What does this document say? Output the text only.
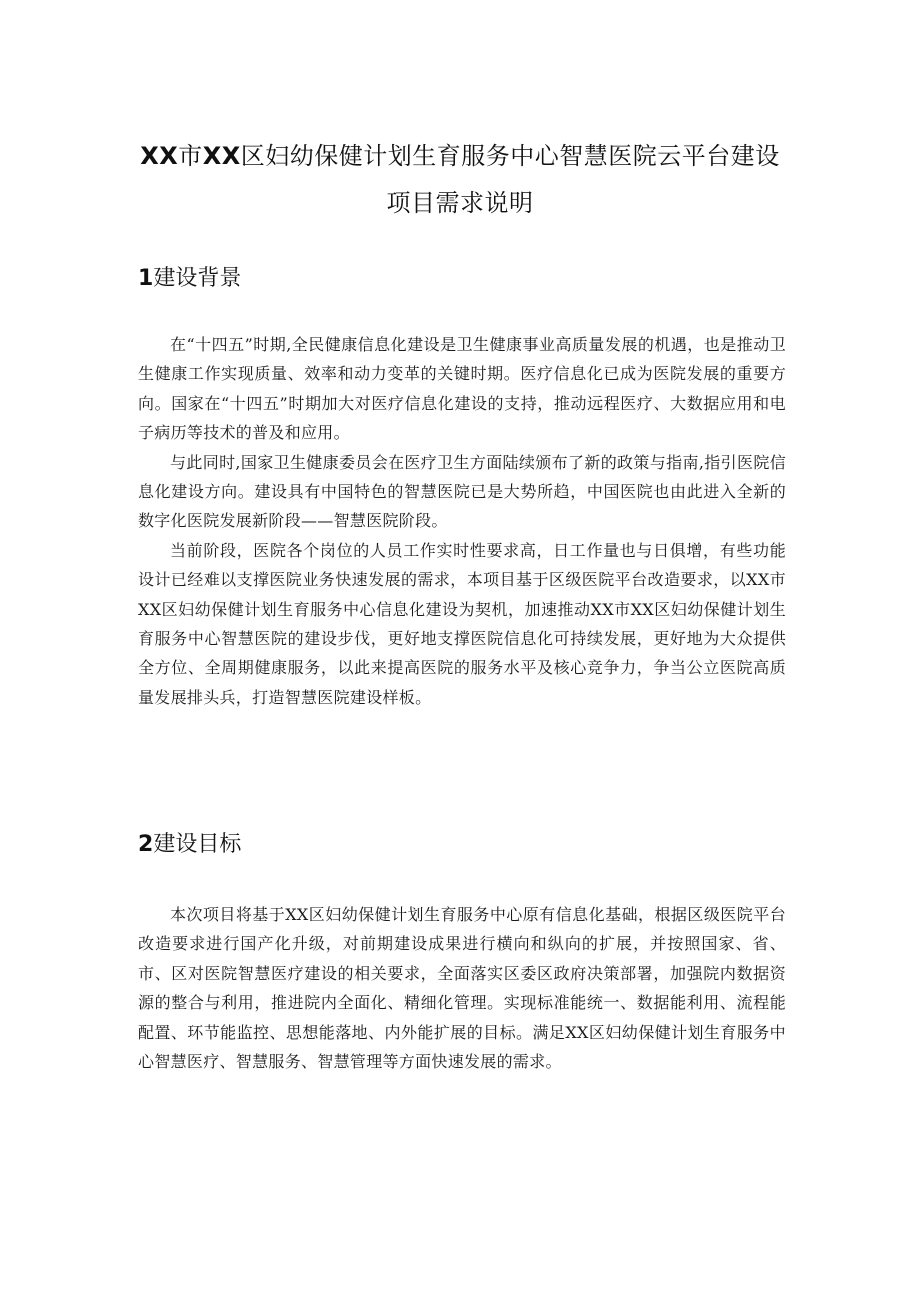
XX市XX区妇幼保健计划生育服务中心智慧医院云平台建设
项目需求说明
1建设背景

在“十四五”时期,全民健康信息化建设是卫生健康事业高质量发展的机遇，也是推动卫生健康工作实现质量、效率和动力变革的关键时期。医疗信息化已成为医院发展的重要方向。国家在“十四五”时期加大对医疗信息化建设的支持，推动远程医疗、大数据应用和电子病历等技术的普及和应用。

与此同时,国家卫生健康委员会在医疗卫生方面陆续颁布了新的政策与指南,指引医院信息化建设方向。建设具有中国特色的智慧医院已是大势所趋，中国医院也由此进入全新的数字化医院发展新阶段——智慧医院阶段。

当前阶段，医院各个岗位的人员工作实时性要求高，日工作量也与日俱增，有些功能设计已经难以支撑医院业务快速发展的需求，本项目基于区级医院平台改造要求，以XX市XX区妇幼保健计划生育服务中心信息化建设为契机，加速推动XX市XX区妇幼保健计划生育服务中心智慧医院的建设步伐，更好地支撑医院信息化可持续发展，更好地为大众提供全方位、全周期健康服务，以此来提高医院的服务水平及核心竞争力，争当公立医院高质量发展排头兵，打造智慧医院建设样板。

2建设目标

本次项目将基于XX区妇幼保健计划生育服务中心原有信息化基础，根据区级医院平台改造要求进行国产化升级，对前期建设成果进行横向和纵向的扩展，并按照国家、省、市、区对医院智慧医疗建设的相关要求，全面落实区委区政府决策部署，加强院内数据资源的整合与利用，推进院内全面化、精细化管理。实现标准能统一、数据能利用、流程能配置、环节能监控、思想能落地、内外能扩展的目标。满足XX区妇幼保健计划生育服务中心智慧医疗、智慧服务、智慧管理等方面快速发展的需求。
